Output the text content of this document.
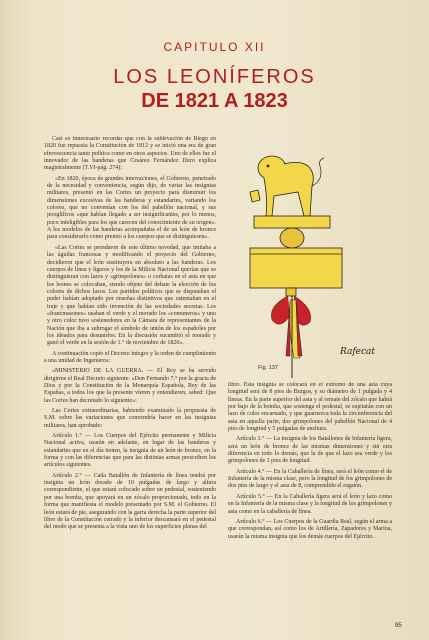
CAPITULO XII
LOS LEONÍFEROS
DE 1821 A 1823

Casi es innecesario recordar que con la sublevación de Riego en 1820 fue repuesta la Constitución de 1812 y se inició una era de gran efervescencia tanto política como en otros aspectos. Uno de ellos fue el innovador de las banderas que Cesáreo Fernández Duro explica magistralmente (T.VI-pág. 274):

«En 1820, época de grandes innovaciones, el Gobierno, penetrado de la necesidad y conveniencia, según dijo, de variar las insignias militares, presentó en las Cortes un proyecto para disminuir los dimensiones excesivas de las banderas y estandartes, variando los colores, que no convenían con los del pabellón nacional, y sus jeroglíficos «que habían llegado a ser insignificantes, por lo menos, poco inteligibles para los que carecen del conocimiento de su origen». A los modelos de las banderas acompañaba el de un león de bronce para considerarlo como premio a los cuerpos que se distinguiesen».

«Las Cortes se prendaron de este último novedad, que imitaba a las águilas francesas y modificando el proyecto del Gobierno, decidieron que el león sustituyera en absoluto a las banderas. Los cuerpos de línea y ligeros y los de la Milicia Nacional querían que se distinguieran con lazos y «grimpolones» o corbatas en el asta en que los leones se colocaban, siendo objeto del debate la elección de los colores de dichos lazos. Los partidos políticos que se disputaban el poder habían adoptado por enseñas distintivos que ostentaban en el traje y que habían sido invención de las sociedades secretas. Los «francmasones» usaban el verde y el morado los «comuneros» y uno y otro color tuvo sostenedores en la Cámara de representantes de la Nación que iba a subrogar el símbolo de unión de los españoles por los ideados para desunirlos. En la discusión sucumbió el morado y ganó el verde en la sesión de 1.° de noviembre de 1820».

A continuación copio el Decreto íntegro y la orden de cumplimiento a una unidad de Ingenieros:

«MINISTERIO DE LA GUERRA. — El Rey se ha servido dirigirme el Real Decreto siguiente: «Don Fernando 7.° por la gracia de Dios y por la Constitución de la Monarquía Española, Rey de las Españas, a todos los que la presente vieren y entendieren, sabed: Que las Cortes han decretado lo siguiente»:

Las Cortes extraordinarias, habiendo examinado la propuesta de S.M. sobre las variaciones que convendría hacer en las insignias militares, han aprobado:

Artículo 1.° — Los Cuerpos del Ejército permanente y Milicia Nacional activa, usarán en adelante, en lugar de las banderas y estandartes que en el día tienen, la insignia de un león de bronce, en la forma y con las diferencias que para las distintas armas prescriben los artículos siguientes.

Artículo 2.° — Cada Batallón de Infantería de línea tendrá por insignia un león dorado de 10 pulgadas de largo y altura correspondiente, el que estará colocado sobre un pedestal, sosteniendo por una bomba, que apoyará en un zócalo proporcionado, todo en la forma que manifiesta el modelo presentado por S.M. el Gobierno. El león estará de pie, asegurando con la garra derecha la parte superior del libro de la Constitución cerrado y la inferior descansará en el pedestal del modo que se presenta a la vista uno de los superficies planas del

Rafecat
Fig. 137

libro. Esta insignia se colocará en el extremo de una asta cuya longitud será de 8 pies de Burgos, y su diámetro de 1 pulgada y 4 líneas. En la parte superior del asta y al remate del zócalo que habrá por bajo de la bomba, que sostenga el pedestal, se sujetarán con un lazo de color encarnado, y que guarnezca toda la circunferencia del asta en aquella parte, dos grimpolones del pabellón Nacional de 4 pies de longitud y 5 pulgadas de anchura.

Artículo 3.° — La insignia de los Batallones de Infantería ligera, será un león de bronce de las mismas dimensiones y sin otra diferencia en todo lo demás, que la de que el lazo sea verde y los grimpolones de 3 pies de longitud.

Artículo 4.° — En la Caballería de línea, será el león como el de Infantería de la misma clase, pero la longitud de los grimpolones de dos pies de largo y el asta de 8, comprendido el regatón.

Artículo 5.° — En la Caballería ligera será el león y lazo como en la Infantería de la misma clase y la longitud de los grimpolones y asta como en la caballería de línea.

Artículo 6.° — Los Cuerpos de la Guardia Real, según el arma a que correspondan, así como los de Artillería, Zapadores y Marina, usarán la misma insignia que los demás cuerpos del Ejército.

95
